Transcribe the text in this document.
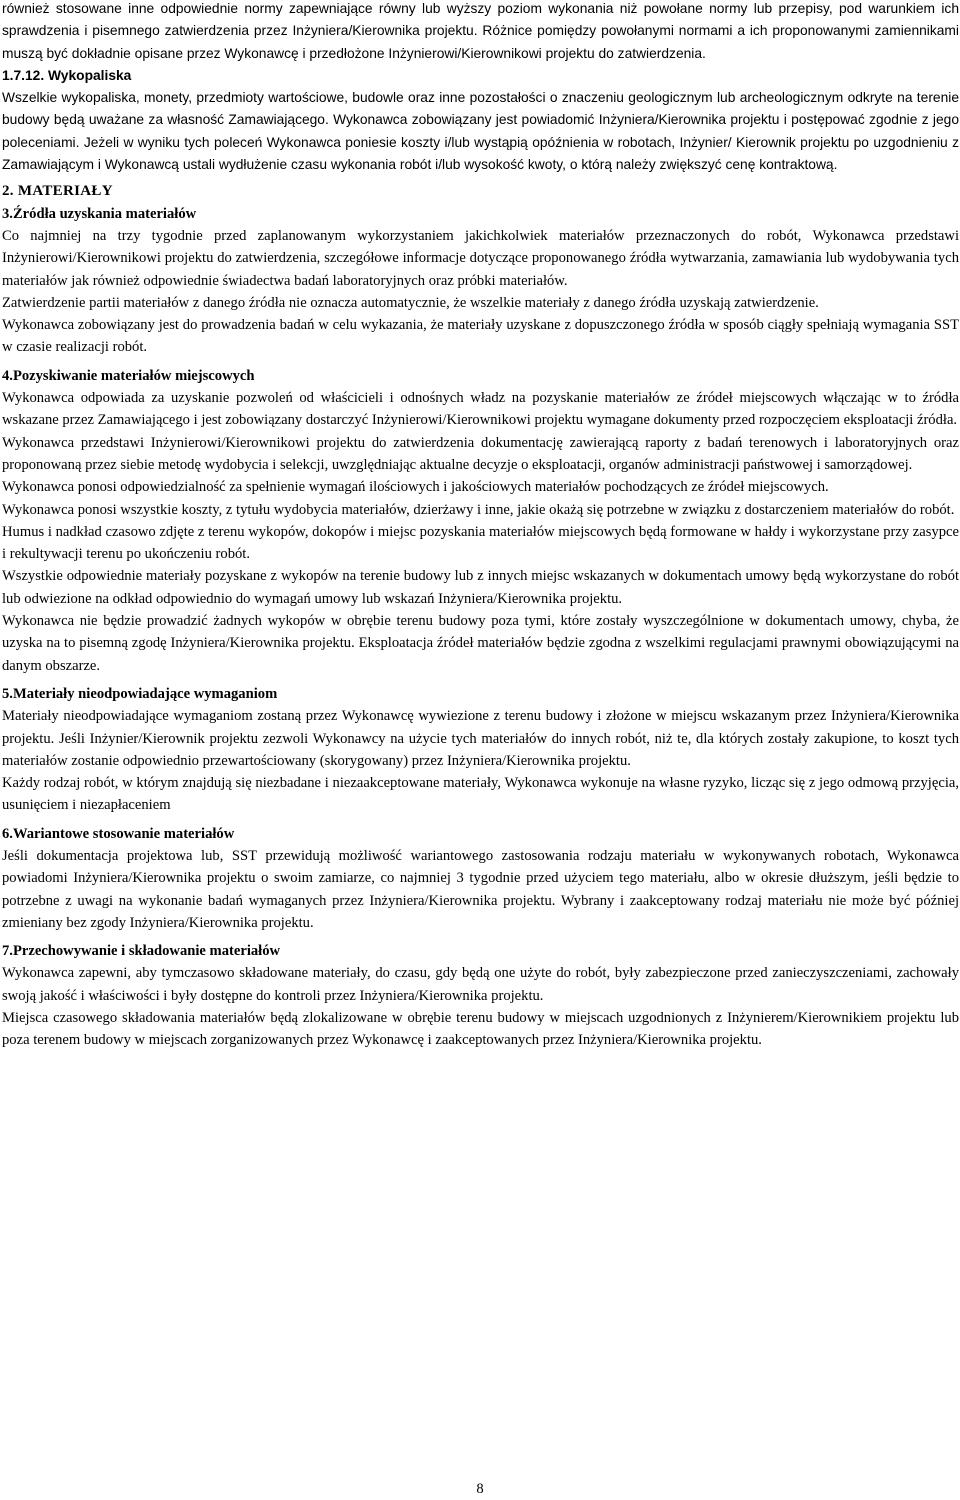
również stosowane inne odpowiednie normy zapewniające równy lub wyższy poziom wykonania niż powołane normy lub przepisy, pod warunkiem ich sprawdzenia i pisemnego zatwierdzenia przez Inżyniera/Kierownika projektu. Różnice pomiędzy powołanymi normami a ich proponowanymi zamiennikami muszą być dokładnie opisane przez Wykonawcę i przedłożone Inżynierowi/Kierownikowi projektu do zatwierdzenia.

1.7.12. Wykopaliska

Wszelkie wykopaliska, monety, przedmioty wartościowe, budowle oraz inne pozostałości o znaczeniu geologicznym lub archeologicznym odkryte na terenie budowy będą uważane za własność Zamawiającego. Wykonawca zobowiązany jest powiadomić Inżyniera/Kierownika projektu i postępować zgodnie z jego poleceniami. Jeżeli w wyniku tych poleceń Wykonawca poniesie koszty i/lub wystąpią opóźnienia w robotach, Inżynier/ Kierownik projektu po uzgodnieniu z Zamawiającym i Wykonawcą ustali wydłużenie czasu wykonania robót i/lub wysokość kwoty, o którą należy zwiększyć cenę kontraktową.

2. MATERIAŁY

3.Źródła uzyskania materiałów

Co najmniej na trzy tygodnie przed zaplanowanym wykorzystaniem jakichkolwiek materiałów przeznaczonych do robót, Wykonawca przedstawi Inżynierowi/Kierownikowi projektu do zatwierdzenia, szczegółowe informacje dotyczące proponowanego źródła wytwarzania, zamawiania lub wydobywania tych materiałów jak również odpowiednie świadectwa badań laboratoryjnych oraz próbki materiałów.

Zatwierdzenie partii materiałów z danego źródła nie oznacza automatycznie, że wszelkie materiały z danego źródła uzyskają zatwierdzenie.

Wykonawca zobowiązany jest do prowadzenia badań w celu wykazania, że materiały uzyskane z dopuszczonego źródła w sposób ciągły spełniają wymagania SST w czasie realizacji robót.

4.Pozyskiwanie materiałów miejscowych

Wykonawca odpowiada za uzyskanie pozwoleń od właścicieli i odnośnych władz na pozyskanie materiałów ze źródeł miejscowych włączając w to źródła wskazane przez Zamawiającego i jest zobowiązany dostarczyć Inżynierowi/Kierownikowi projektu wymagane dokumenty przed rozpoczęciem eksploatacji źródła.

Wykonawca przedstawi Inżynierowi/Kierownikowi projektu do zatwierdzenia dokumentację zawierającą raporty z badań terenowych i laboratoryjnych oraz proponowaną przez siebie metodę wydobycia i selekcji, uwzględniając aktualne decyzje o eksploatacji, organów administracji państwowej i samorządowej.

Wykonawca ponosi odpowiedzialność za spełnienie wymagań ilościowych i jakościowych materiałów pochodzących ze źródeł miejscowych.

Wykonawca ponosi wszystkie koszty, z tytułu wydobycia materiałów, dzierżawy i inne, jakie okażą się potrzebne w związku z dostarczeniem materiałów do robót.

Humus i nadkład czasowo zdjęte z terenu wykopów, dokopów i miejsc pozyskania materiałów miejscowych będą formowane w hałdy i wykorzystane przy zasypce i rekultywacji terenu po ukończeniu robót.

Wszystkie odpowiednie materiały pozyskane z wykopów na terenie budowy lub z innych miejsc wskazanych w dokumentach umowy będą wykorzystane do robót lub odwiezione na odkład odpowiednio do wymagań umowy lub wskazań Inżyniera/Kierownika projektu.

Wykonawca nie będzie prowadzić żadnych wykopów w obrębie terenu budowy poza tymi, które zostały wyszczególnione w dokumentach umowy, chyba, że uzyska na to pisemną zgodę Inżyniera/Kierownika projektu. Eksploatacja źródeł materiałów będzie zgodna z wszelkimi regulacjami prawnymi obowiązującymi na danym obszarze.

5.Materiały nieodpowiadające wymaganiom

Materiały nieodpowiadające wymaganiom zostaną przez Wykonawcę wywiezione z terenu budowy i złożone w miejscu wskazanym przez Inżyniera/Kierownika projektu. Jeśli Inżynier/Kierownik projektu zezwoli Wykonawcy na użycie tych materiałów do innych robót, niż te, dla których zostały zakupione, to koszt tych materiałów zostanie odpowiednio przewartościowany (skorygowany) przez Inżyniera/Kierownika projektu.

Każdy rodzaj robót, w którym znajdują się niezbadane i niezaakceptowane materiały, Wykonawca wykonuje na własne ryzyko, licząc się z jego odmową przyjęcia, usunięciem i niezapłaceniem

6.Wariantowe stosowanie materiałów

Jeśli dokumentacja projektowa lub, SST przewidują możliwość wariantowego zastosowania rodzaju materiału w wykonywanych robotach, Wykonawca powiadomi Inżyniera/Kierownika projektu o swoim zamiarze, co najmniej 3 tygodnie przed użyciem tego materiału, albo w okresie dłuższym, jeśli będzie to potrzebne z uwagi na wykonanie badań wymaganych przez Inżyniera/Kierownika projektu. Wybrany i zaakceptowany rodzaj materiału nie może być później zmieniany bez zgody Inżyniera/Kierownika projektu.

7.Przechowywanie i składowanie materiałów

Wykonawca zapewni, aby tymczasowo składowane materiały, do czasu, gdy będą one użyte do robót, były zabezpieczone przed zanieczyszczeniami, zachowały swoją jakość i właściwości i były dostępne do kontroli przez Inżyniera/Kierownika projektu.

Miejsca czasowego składowania materiałów będą zlokalizowane w obrębie terenu budowy w miejscach uzgodnionych z Inżynierem/Kierownikiem projektu lub poza terenem budowy w miejscach zorganizowanych przez Wykonawcę i zaakceptowanych przez Inżyniera/Kierownika projektu.

8
